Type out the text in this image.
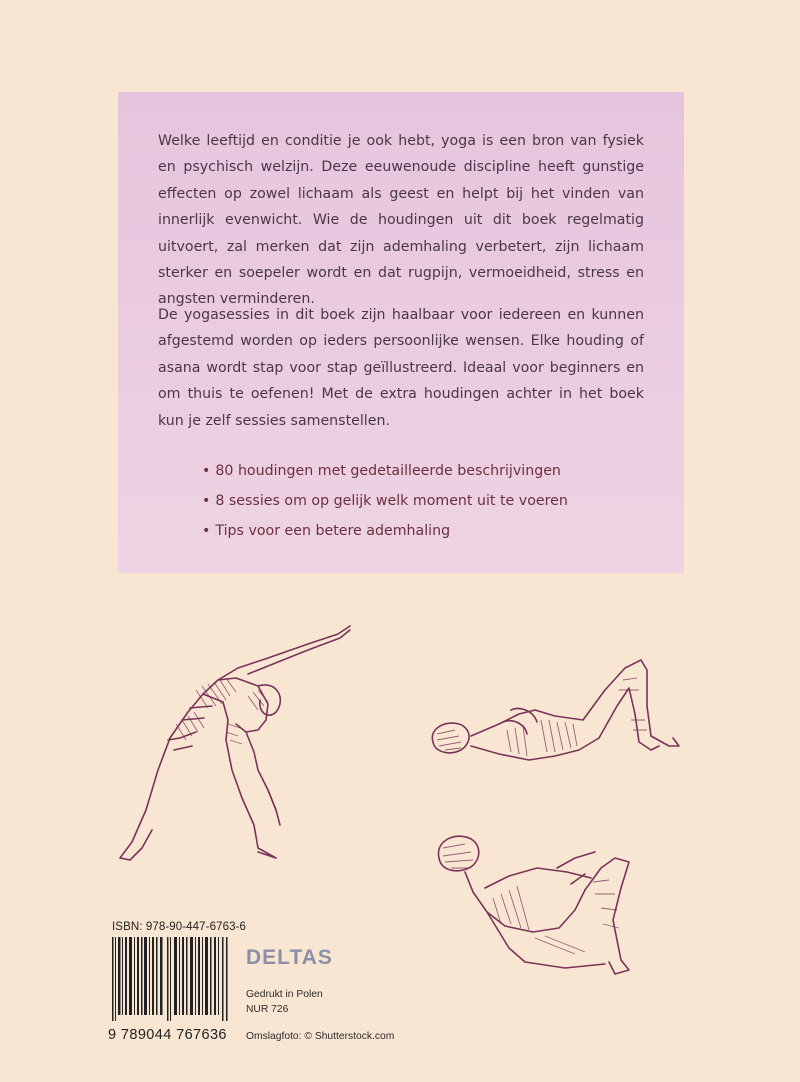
Welke leeftijd en conditie je ook hebt, yoga is een bron van fysiek en psychisch welzijn. Deze eeuwenoude discipline heeft gunstige effecten op zowel lichaam als geest en helpt bij het vinden van innerlijk evenwicht. Wie de houdingen uit dit boek regelmatig uitvoert, zal merken dat zijn ademhaling verbetert, zijn lichaam sterker en soepeler wordt en dat rugpijn, vermoeidheid, stress en angsten verminderen.

De yogasessies in dit boek zijn haalbaar voor iedereen en kunnen afgestemd worden op ieders persoonlijke wensen. Elke houding of asana wordt stap voor stap geïllustreerd. Ideaal voor beginners en om thuis te oefenen! Met de extra houdingen achter in het boek kun je zelf sessies samenstellen.

• 80 houdingen met gedetailleerde beschrijvingen
• 8 sessies om op gelijk welk moment uit te voeren
• Tips voor een betere ademhaling
ISBN: 978-90-447-6763-6
9 789044 767636
DELTAS
Gedrukt in Polen
NUR 726
Omslagfoto: © Shutterstock.com
